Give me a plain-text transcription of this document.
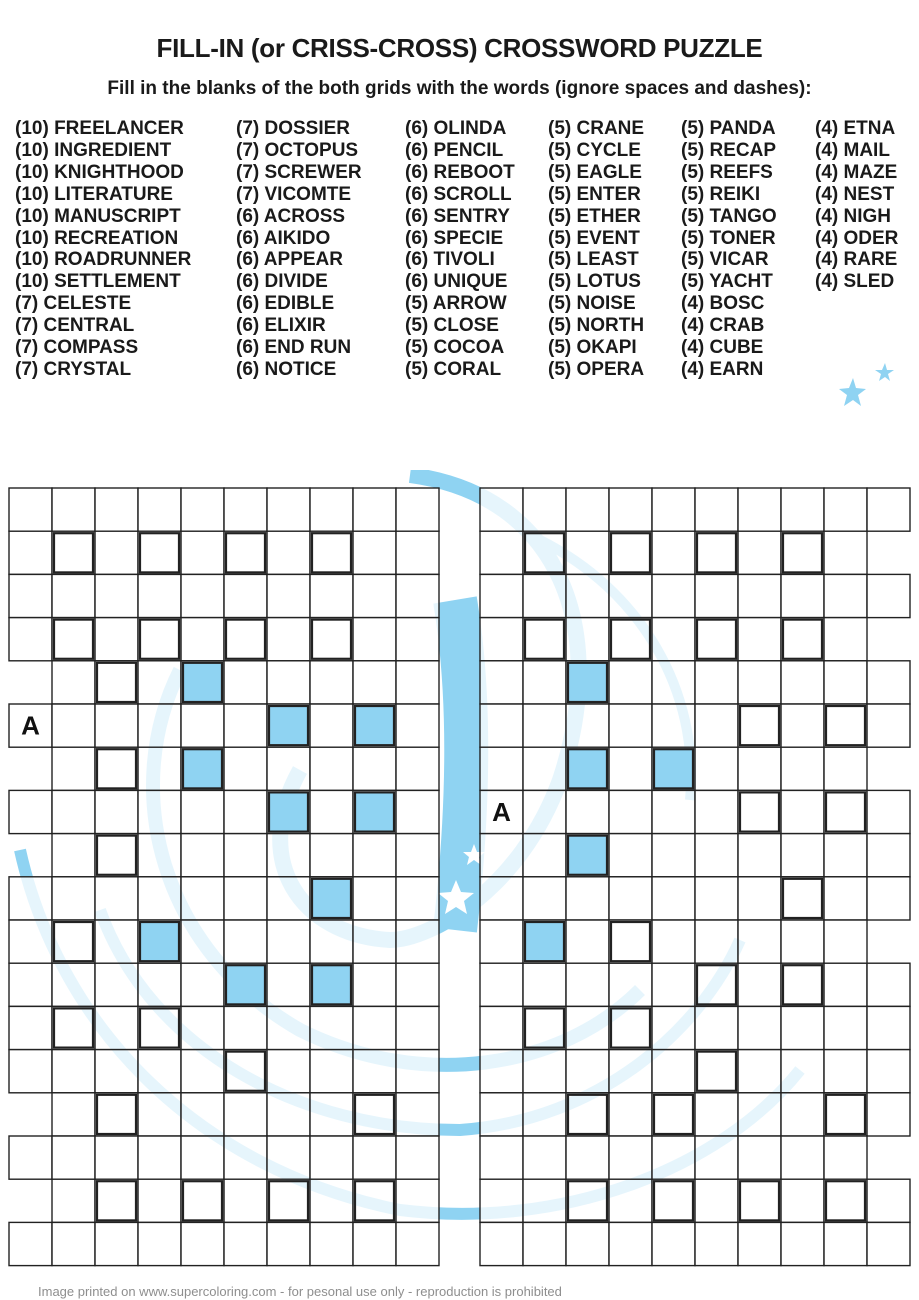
FILL-IN (or CRISS-CROSS) CROSSWORD PUZZLE
Fill in the blanks of the both grids with the words (ignore spaces and dashes):
(10) FREELANCER
(10) INGREDIENT
(10) KNIGHTHOOD
(10) LITERATURE
(10) MANUSCRIPT
(10) RECREATION
(10) ROADRUNNER
(10) SETTLEMENT
(7) CELESTE
(7) CENTRAL
(7) COMPASS
(7) CRYSTAL
(7) DOSSIER
(7) OCTOPUS
(7) SCREWER
(7) VICOMTE
(6) ACROSS
(6) AIKIDO
(6) APPEAR
(6) DIVIDE
(6) EDIBLE
(6) ELIXIR
(6) END RUN
(6) NOTICE
(6) OLINDA
(6) PENCIL
(6) REBOOT
(6) SCROLL
(6) SENTRY
(6) SPECIE
(6) TIVOLI
(6) UNIQUE
(5) ARROW
(5) CLOSE
(5) COCOA
(5) CORAL
(5) CRANE
(5) CYCLE
(5) EAGLE
(5) ENTER
(5) ETHER
(5) EVENT
(5) LEAST
(5) LOTUS
(5) NOISE
(5) NORTH
(5) OKAPI
(5) OPERA
(5) PANDA
(5) RECAP
(5) REEFS
(5) REIKI
(5) TANGO
(5) TONER
(5) VICAR
(5) YACHT
(4) BOSC
(4) CRAB
(4) CUBE
(4) EARN
(4) ETNA
(4) MAIL
(4) MAZE
(4) NEST
(4) NIGH
(4) ODER
(4) RARE
(4) SLED
A
A
Image printed on www.supercoloring.com - for pesonal use only - reproduction is prohibited
